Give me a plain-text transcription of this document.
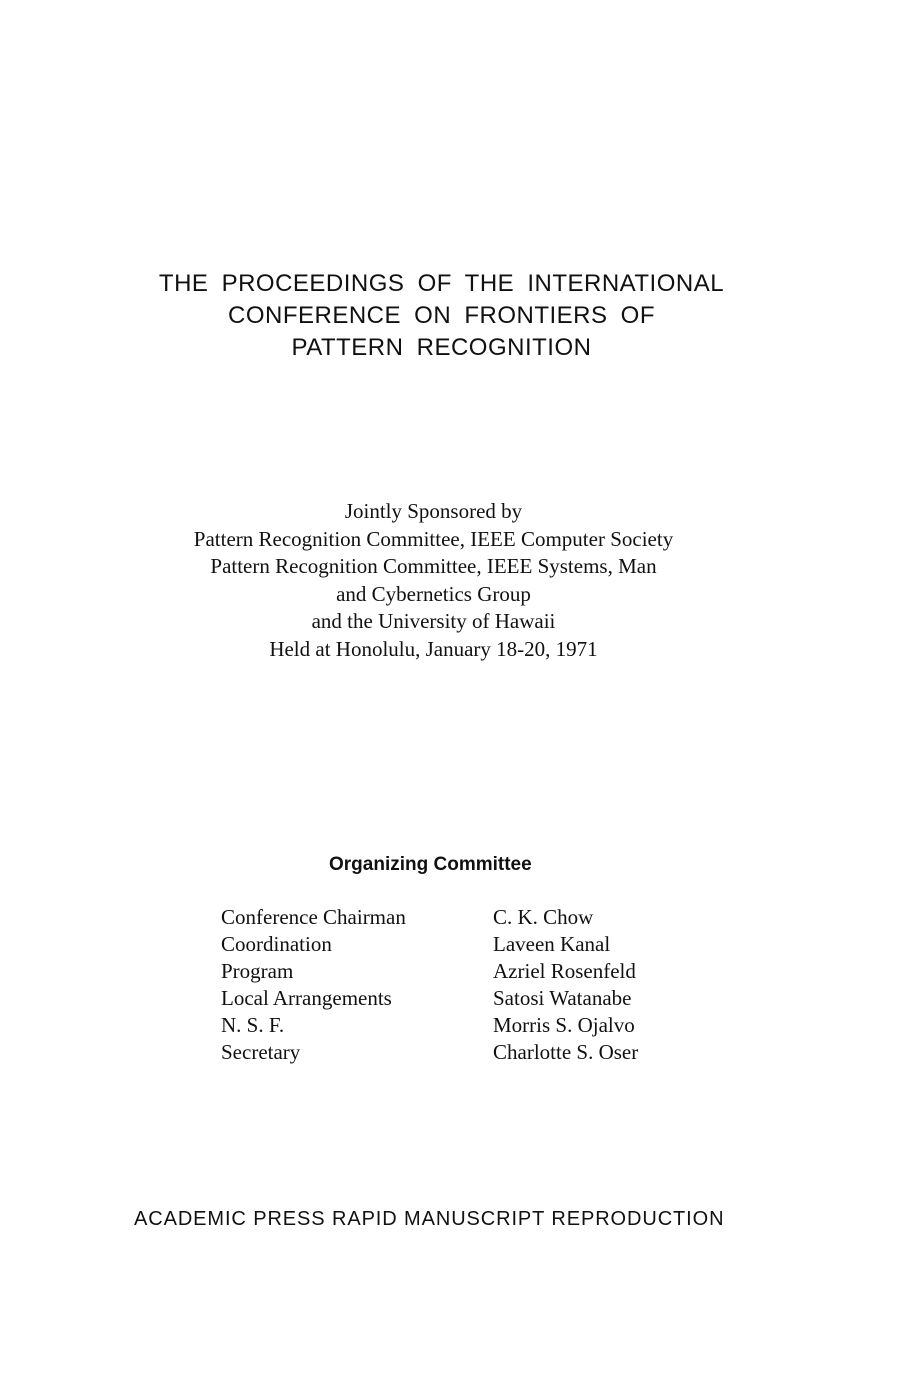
THE PROCEEDINGS OF THE INTERNATIONAL
CONFERENCE ON FRONTIERS OF
PATTERN RECOGNITION
Jointly Sponsored by
Pattern Recognition Committee, IEEE Computer Society
Pattern Recognition Committee, IEEE Systems, Man
and Cybernetics Group
and the University of Hawaii
Held at Honolulu, January 18-20, 1971
Organizing Committee
Conference Chairman	C. K. Chow
Coordination	Laveen Kanal
Program	Azriel Rosenfeld
Local Arrangements	Satosi Watanabe
N. S. F.	Morris S. Ojalvo
Secretary	Charlotte S. Oser
ACADEMIC PRESS RAPID MANUSCRIPT REPRODUCTION
